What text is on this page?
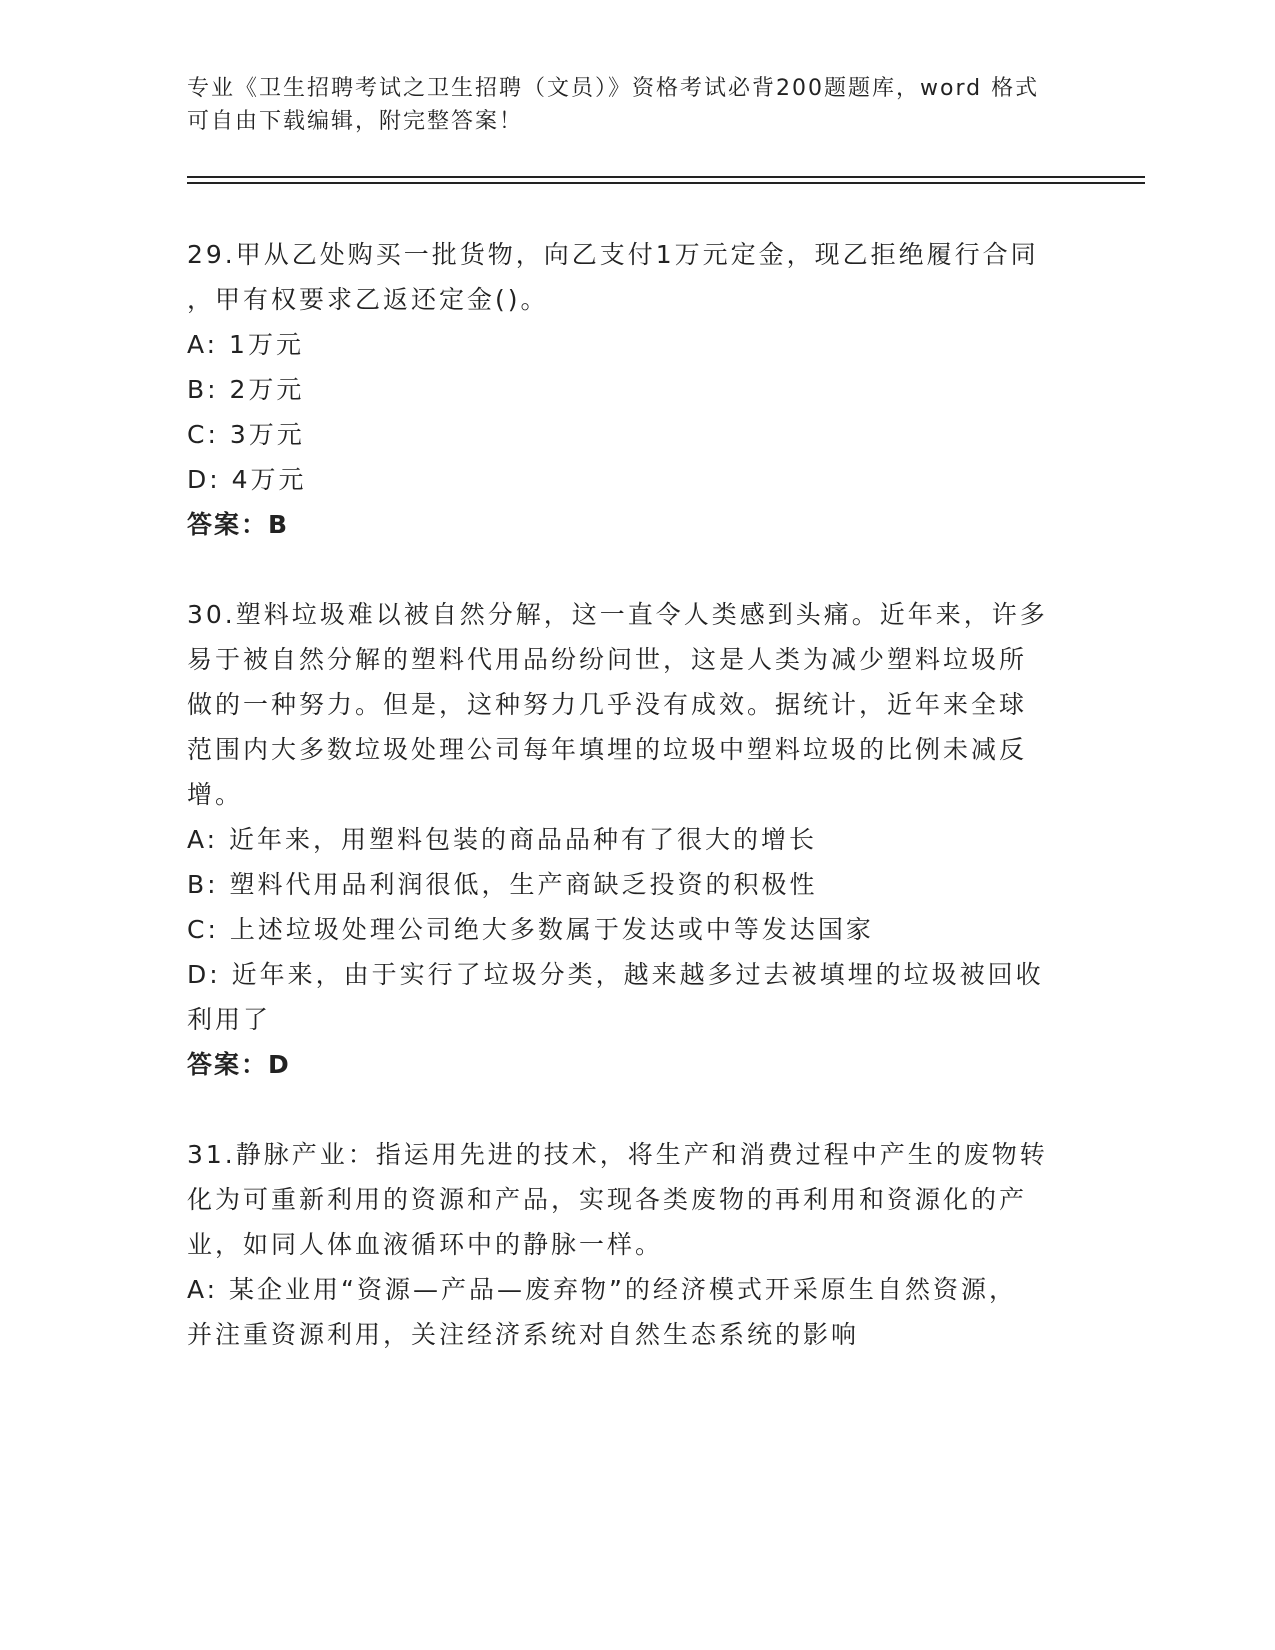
专业《卫生招聘考试之卫生招聘（文员）》资格考试必背200题题库，word 格式
可自由下载编辑，附完整答案！
29.甲从乙处购买一批货物，向乙支付1万元定金，现乙拒绝履行合同
，甲有权要求乙返还定金()。
A: 1万元
B: 2万元
C: 3万元
D: 4万元
答案：B
30.塑料垃圾难以被自然分解，这一直令人类感到头痛。近年来，许多
易于被自然分解的塑料代用品纷纷问世，这是人类为减少塑料垃圾所
做的一种努力。但是，这种努力几乎没有成效。据统计，近年来全球
范围内大多数垃圾处理公司每年填埋的垃圾中塑料垃圾的比例未减反
增。
A: 近年来，用塑料包装的商品品种有了很大的增长
B: 塑料代用品利润很低，生产商缺乏投资的积极性
C: 上述垃圾处理公司绝大多数属于发达或中等发达国家
D: 近年来，由于实行了垃圾分类，越来越多过去被填埋的垃圾被回收
利用了
答案：D
31.静脉产业：指运用先进的技术，将生产和消费过程中产生的废物转
化为可重新利用的资源和产品，实现各类废物的再利用和资源化的产
业，如同人体血液循环中的静脉一样。
A: 某企业用“资源—产品—废弃物”的经济模式开采原生自然资源，
并注重资源利用，关注经济系统对自然生态系统的影响
